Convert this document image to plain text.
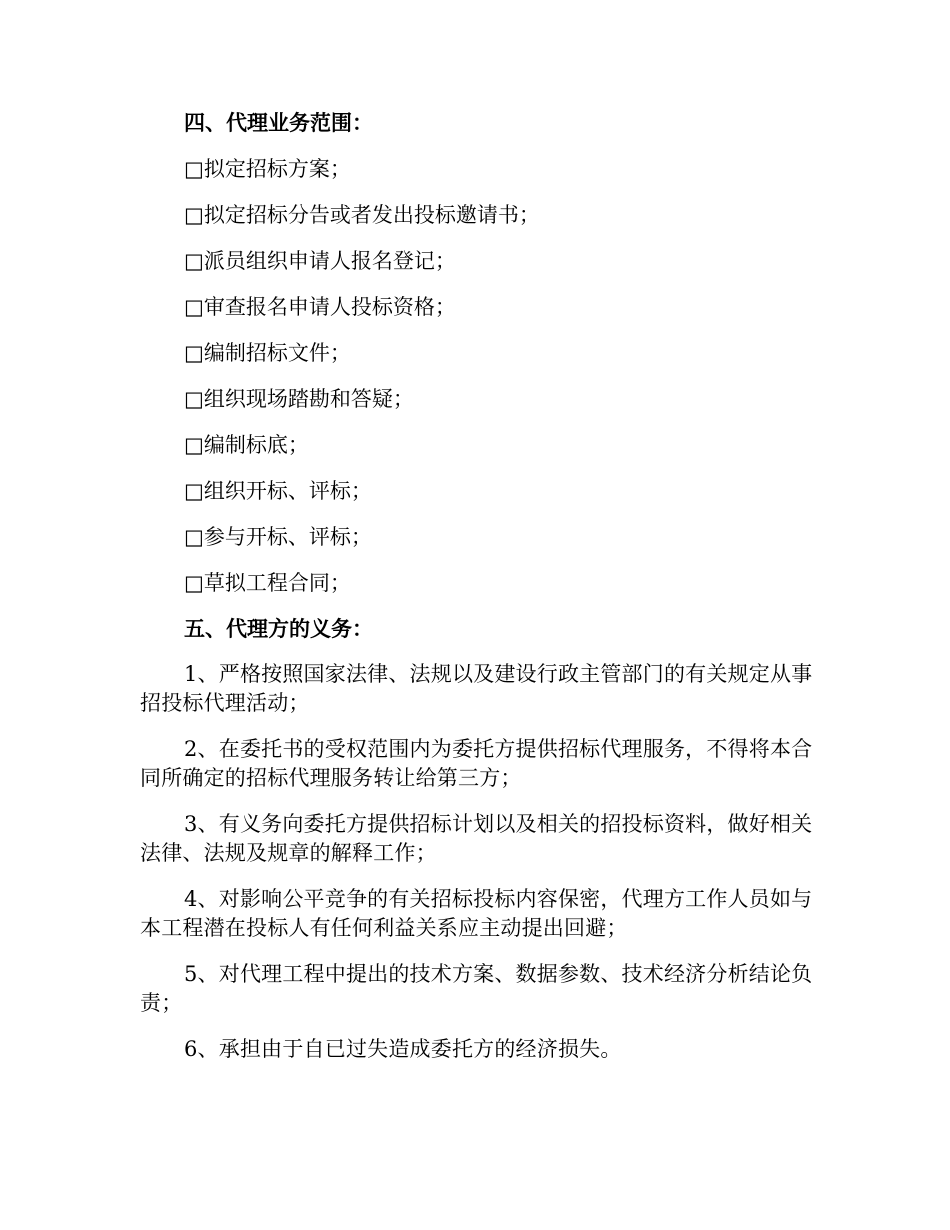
四、代理业务范围：
□拟定招标方案；
□拟定招标分告或者发出投标邀请书；
□派员组织申请人报名登记；
□审查报名申请人投标资格；
□编制招标文件；
□组织现场踏勘和答疑；
□编制标底；
□组织开标、评标；
□参与开标、评标；
□草拟工程合同；
五、代理方的义务：
1、严格按照国家法律、法规以及建设行政主管部门的有关规定从事招投标代理活动；
2、在委托书的受权范围内为委托方提供招标代理服务，不得将本合同所确定的招标代理服务转让给第三方；
3、有义务向委托方提供招标计划以及相关的招投标资料，做好相关法律、法规及规章的解释工作；
4、对影响公平竞争的有关招标投标内容保密，代理方工作人员如与本工程潜在投标人有任何利益关系应主动提出回避；
5、对代理工程中提出的技术方案、数据参数、技术经济分析结论负责；
6、承担由于自已过失造成委托方的经济损失。
